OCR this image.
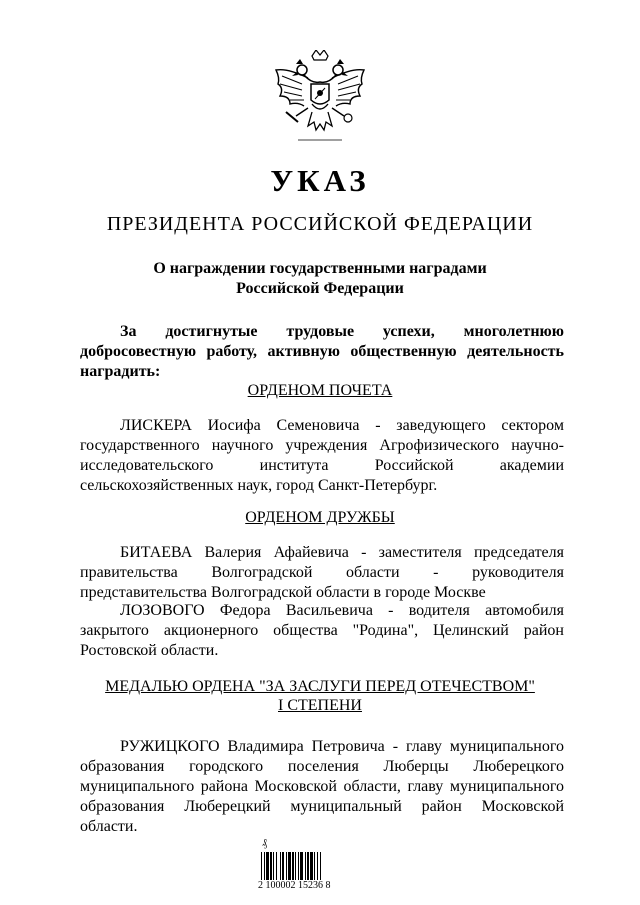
УКАЗ
ПРЕЗИДЕНТА РОССИЙСКОЙ ФЕДЕРАЦИИ
О награждении государственными наградами
Российской Федерации
За достигнутые трудовые успехи, многолетнюю
добросовестную работу, активную общественную деятельность
наградить:
ОРДЕНОМ ПОЧЕТА
ЛИСКЕРА Иосифа Семеновича - заведующего сектором
государственного научного учреждения Агрофизического научно-
исследовательского института Российской академии
сельскохозяйственных наук, город Санкт-Петербург.
ОРДЕНОМ ДРУЖБЫ
БИТАЕВА Валерия Афайевича - заместителя председателя
правительства Волгоградской области - руководителя
представительства Волгоградской области в городе Москве
ЛОЗОВОГО Федора Васильевича - водителя автомобиля
закрытого акционерного общества "Родина", Целинский район
Ростовской области.
МЕДАЛЬЮ ОРДЕНА "ЗА ЗАСЛУГИ ПЕРЕД ОТЕЧЕСТВОМ"
I СТЕПЕНИ
РУЖИЦКОГО Владимира Петровича - главу муниципального
образования городского поселения Люберцы Люберецкого
муниципального района Московской области, главу муниципального
образования Люберецкий муниципальный район Московской
области.
₰
2 100002 15236 8
